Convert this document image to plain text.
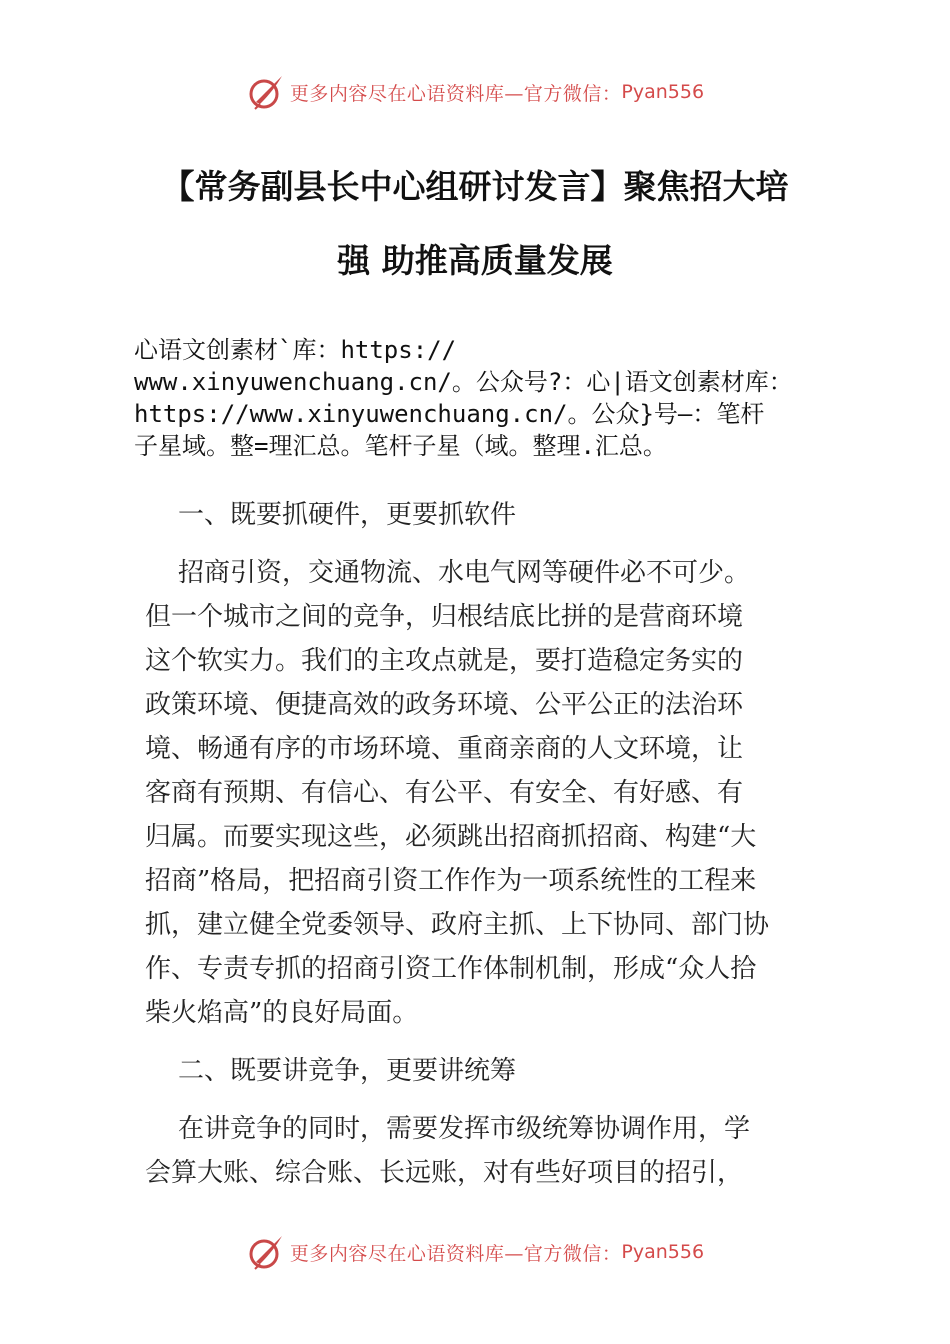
更多内容尽在心语资料库—官方微信： Pyan556
【常务副县长中心组研讨发言】聚焦招大培
强 助推高质量发展
心语文创素材`库：https://
www.xinyuwenchuang.cn/。公众号?：心|语文创素材库：
https://www.xinyuwenchuang.cn/。公众}号—：笔杆
子星域。整=理汇总。笔杆子星（域。整理.汇总。
一、既要抓硬件，更要抓软件
招商引资，交通物流、水电气网等硬件必不可少。
但一个城市之间的竞争，归根结底比拼的是营商环境
这个软实力。我们的主攻点就是，要打造稳定务实的
政策环境、便捷高效的政务环境、公平公正的法治环
境、畅通有序的市场环境、重商亲商的人文环境，让
客商有预期、有信心、有公平、有安全、有好感、有
归属。而要实现这些，必须跳出招商抓招商、构建“大
招商”格局，把招商引资工作作为一项系统性的工程来
抓，建立健全党委领导、政府主抓、上下协同、部门协
作、专责专抓的招商引资工作体制机制，形成“众人拾
柴火焰高”的良好局面。
二、既要讲竞争，更要讲统筹
在讲竞争的同时，需要发挥市级统筹协调作用，学
会算大账、综合账、长远账，对有些好项目的招引，
更多内容尽在心语资料库—官方微信： Pyan556
